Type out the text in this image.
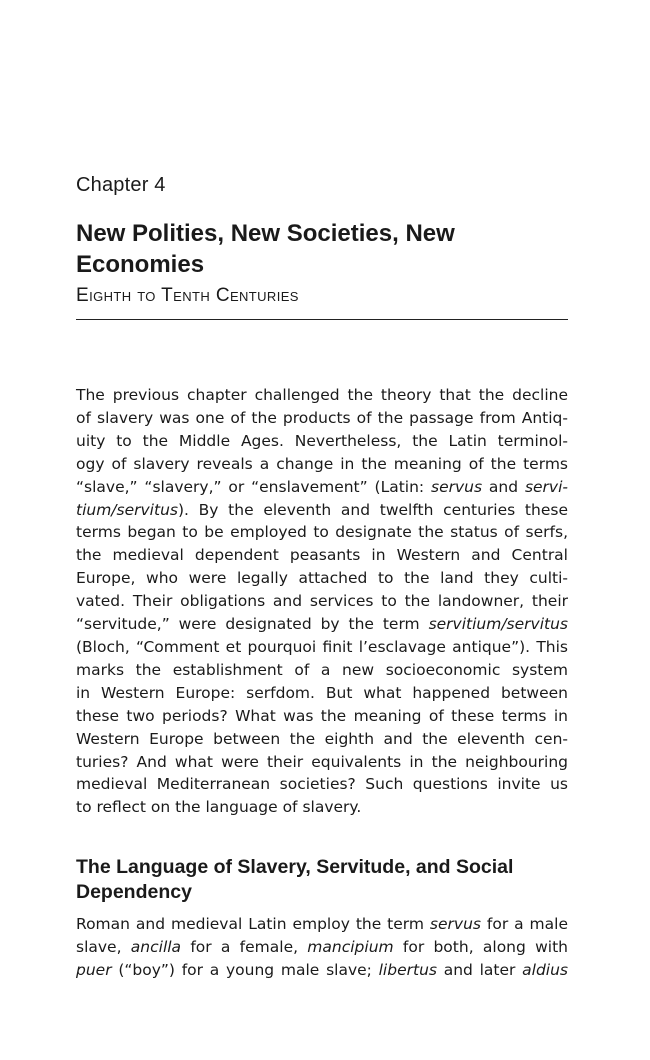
Chapter 4
New Polities, New Societies, New Economies
Eighth to Tenth Centuries
The previous chapter challenged the theory that the decline
of slavery was one of the products of the passage from Antiq-
uity to the Middle Ages. Nevertheless, the Latin terminol-
ogy of slavery reveals a change in the meaning of the terms
“slave,” “slavery,” or “enslavement” (Latin: servus and servi-
tium/servitus). By the eleventh and twelfth centuries these
terms began to be employed to designate the status of serfs,
the medieval dependent peasants in Western and Central
Europe, who were legally attached to the land they culti-
vated. Their obligations and services to the landowner, their
“servitude,” were designated by the term servitium/servitus
(Bloch, “Comment et pourquoi finit l’esclavage antique”). This
marks the establishment of a new socioeconomic system
in Western Europe: serfdom. But what happened between
these two periods? What was the meaning of these terms in
Western Europe between the eighth and the eleventh cen-
turies? And what were their equivalents in the neighbouring
medieval Mediterranean societies? Such questions invite us
to reflect on the language of slavery.
The Language of Slavery, Servitude, and Social Dependency
Roman and medieval Latin employ the term servus for a male
slave, ancilla for a female, mancipium for both, along with
puer (“boy”) for a young male slave; libertus and later aldius
